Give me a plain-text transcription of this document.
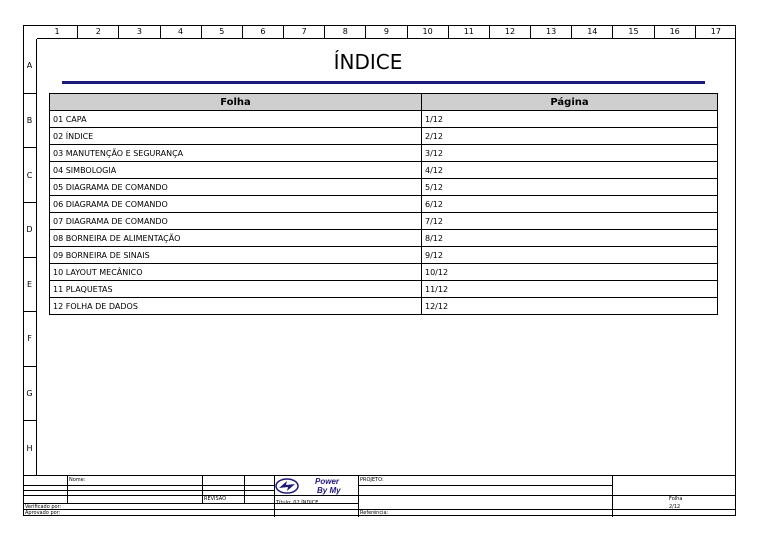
1	2	3	4	5	6	7	8	9	10	11	12	13	14	15	16	17
A
B
C
D
E
F
G
H
ÍNDICE
Folha	Página
01 CAPA	1/12
02 ÍNDICE	2/12
03 MANUTENÇÃO E SEGURANÇA	3/12
04 SIMBOLOGIA	4/12
05 DIAGRAMA DE COMANDO	5/12
06 DIAGRAMA DE COMANDO	6/12
07 DIAGRAMA DE COMANDO	7/12
08 BORNEIRA DE ALIMENTAÇÃO	8/12
09 BORNEIRA DE SINAIS	9/12
10 LAYOUT MECÂNICO	10/12
11 PLAQUETAS	11/12
12 FOLHA DE DADOS	12/12
Nome:
REVISÃO
Verificado por:
Aprovado por:
PROJETO:
Título: 02 ÍNDICE
Referência:
Folha
2/12
Power
By My
